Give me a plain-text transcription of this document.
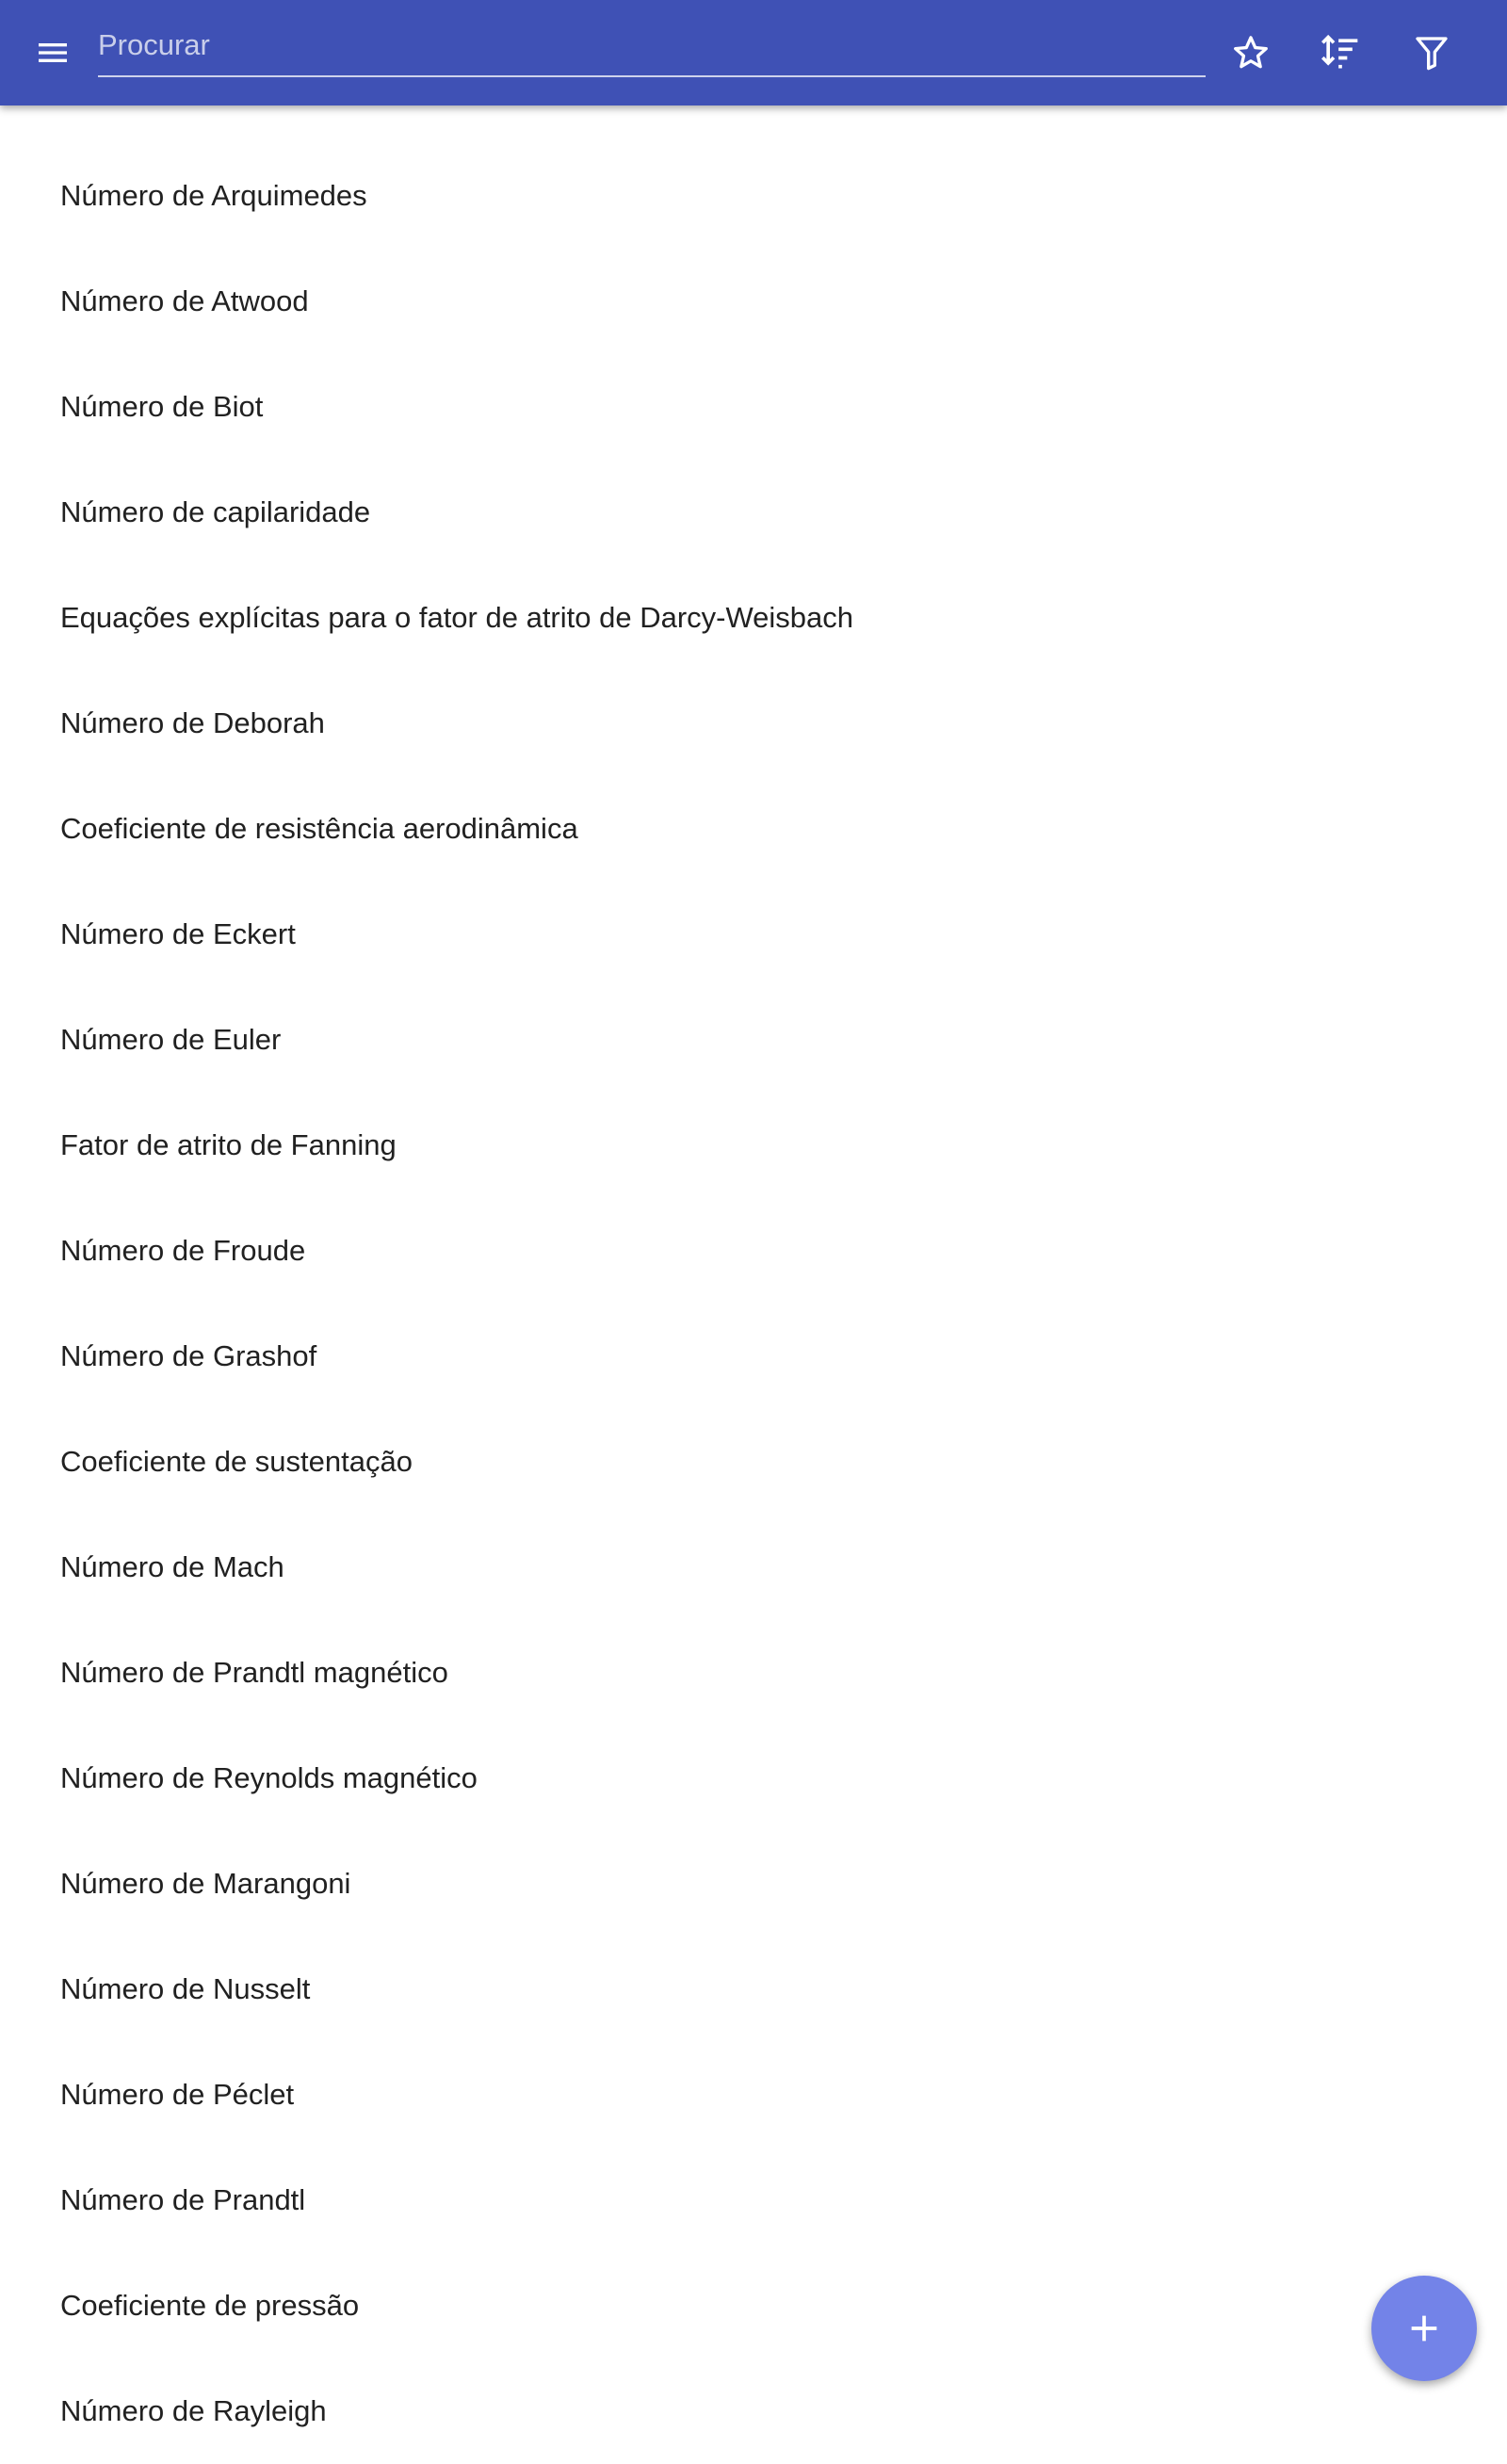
Procurar
Número de Arquimedes
Número de Atwood
Número de Biot
Número de capilaridade
Equações explícitas para o fator de atrito de Darcy-Weisbach
Número de Deborah
Coeficiente de resistência aerodinâmica
Número de Eckert
Número de Euler
Fator de atrito de Fanning
Número de Froude
Número de Grashof
Coeficiente de sustentação
Número de Mach
Número de Prandtl magnético
Número de Reynolds magnético
Número de Marangoni
Número de Nusselt
Número de Péclet
Número de Prandtl
Coeficiente de pressão
Número de Rayleigh
